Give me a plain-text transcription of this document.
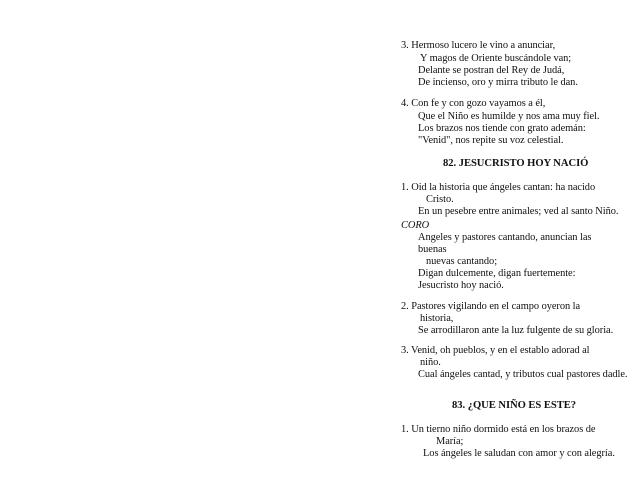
3. Hermoso lucero le vino a anunciar,
Y magos de Oriente buscándole van;
Delante se postran del Rey de Judá,
De incienso, oro y mirra tributo le dan.
4. Con fe y con gozo vayamos a él,
Que el Niño es humilde y nos ama muy fiel.
Los brazos nos tiende con grato ademán:
"Venid", nos repite su voz celestial.
82. JESUCRISTO HOY NACIÓ
1. Oid la historia que ángeles cantan: ha nacido
Cristo.
En un pesebre entre animales; ved al santo Niño.
CORO
Angeles y pastores cantando, anuncian las
buenas
nuevas cantando;
Digan dulcemente, digan fuertemente:
Jesucristo hoy nació.
2. Pastores vigilando en el campo oyeron la
historia,
Se arrodillaron ante la luz fulgente de su gloria.
3. Venid, oh pueblos, y en el establo adorad al
niño.
Cual ángeles cantad, y tributos cual pastores dadle.
83. ¿QUE NIÑO ES ESTE?
1. Un tierno niño dormido está en los brazos de
María;
Los ángeles le saludan con amor y con alegría.
